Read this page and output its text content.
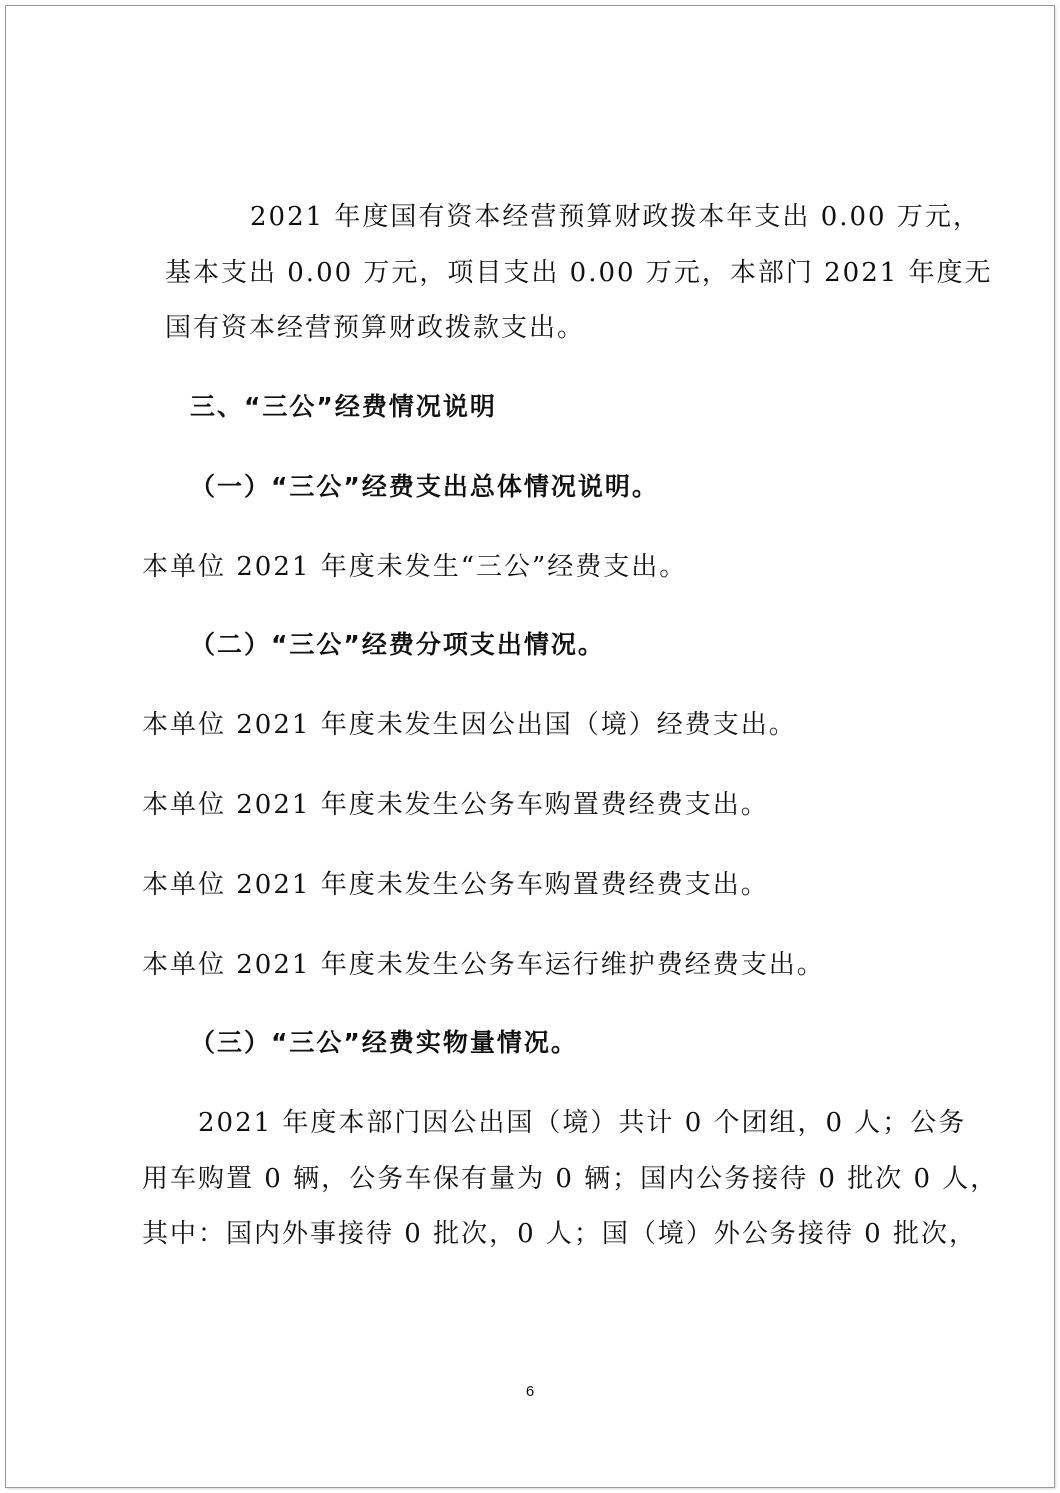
2021 年度国有资本经营预算财政拨本年支出 0.00 万元，
基本支出 0.00 万元，项目支出 0.00 万元，本部门 2021 年度无
国有资本经营预算财政拨款支出。
三、“三公”经费情况说明
（一）“三公”经费支出总体情况说明。
本单位 2021 年度未发生“三公”经费支出。
（二）“三公”经费分项支出情况。
本单位 2021 年度未发生因公出国（境）经费支出。
本单位 2021 年度未发生公务车购置费经费支出。
本单位 2021 年度未发生公务车购置费经费支出。
本单位 2021 年度未发生公务车运行维护费经费支出。
（三）“三公”经费实物量情况。
2021 年度本部门因公出国（境）共计 0 个团组，0 人；公务
用车购置 0 辆，公务车保有量为 0 辆；国内公务接待 0 批次 0 人，
其中：国内外事接待 0 批次，0 人；国（境）外公务接待 0 批次，
6
